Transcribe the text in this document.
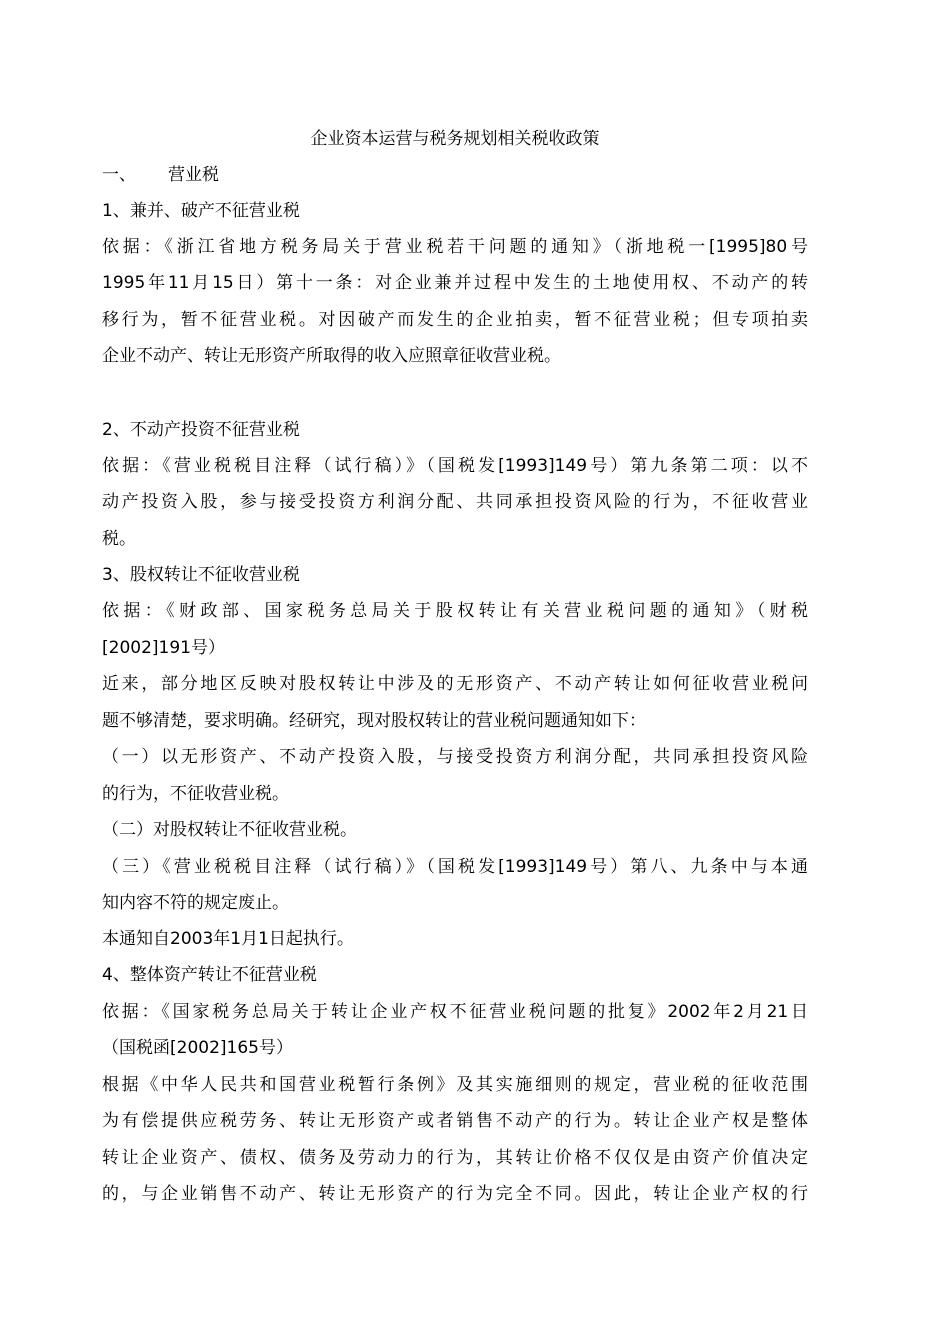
企业资本运营与税务规划相关税收政策
一、 营业税
1、兼并、破产不征营业税
依据：《浙江省地方税务局关于营业税若干问题的通知》（浙地税一[1995]80号
1995年11月15日）第十一条：对企业兼并过程中发生的土地使用权、不动产的转
移行为，暂不征营业税。对因破产而发生的企业拍卖，暂不征营业税；但专项拍卖
企业不动产、转让无形资产所取得的收入应照章征收营业税。
2、不动产投资不征营业税
依据：《营业税税目注释（试行稿）》（国税发[1993]149号）第九条第二项：以不
动产投资入股，参与接受投资方利润分配、共同承担投资风险的行为，不征收营业
税。
3、股权转让不征收营业税
依据：《财政部、国家税务总局关于股权转让有关营业税问题的通知》（财税
[2002]191号）
近来，部分地区反映对股权转让中涉及的无形资产、不动产转让如何征收营业税问
题不够清楚，要求明确。经研究，现对股权转让的营业税问题通知如下：
（一）以无形资产、不动产投资入股，与接受投资方利润分配，共同承担投资风险
的行为，不征收营业税。
（二）对股权转让不征收营业税。
（三）《营业税税目注释（试行稿）》（国税发[1993]149号）第八、九条中与本通
知内容不符的规定废止。
本通知自2003年1月1日起执行。
4、整体资产转让不征营业税
依据：《国家税务总局关于转让企业产权不征营业税问题的批复》2002年2月21日
（国税函[2002]165号）
根据《中华人民共和国营业税暂行条例》及其实施细则的规定，营业税的征收范围
为有偿提供应税劳务、转让无形资产或者销售不动产的行为。转让企业产权是整体
转让企业资产、债权、债务及劳动力的行为，其转让价格不仅仅是由资产价值决定
的，与企业销售不动产、转让无形资产的行为完全不同。因此，转让企业产权的行
